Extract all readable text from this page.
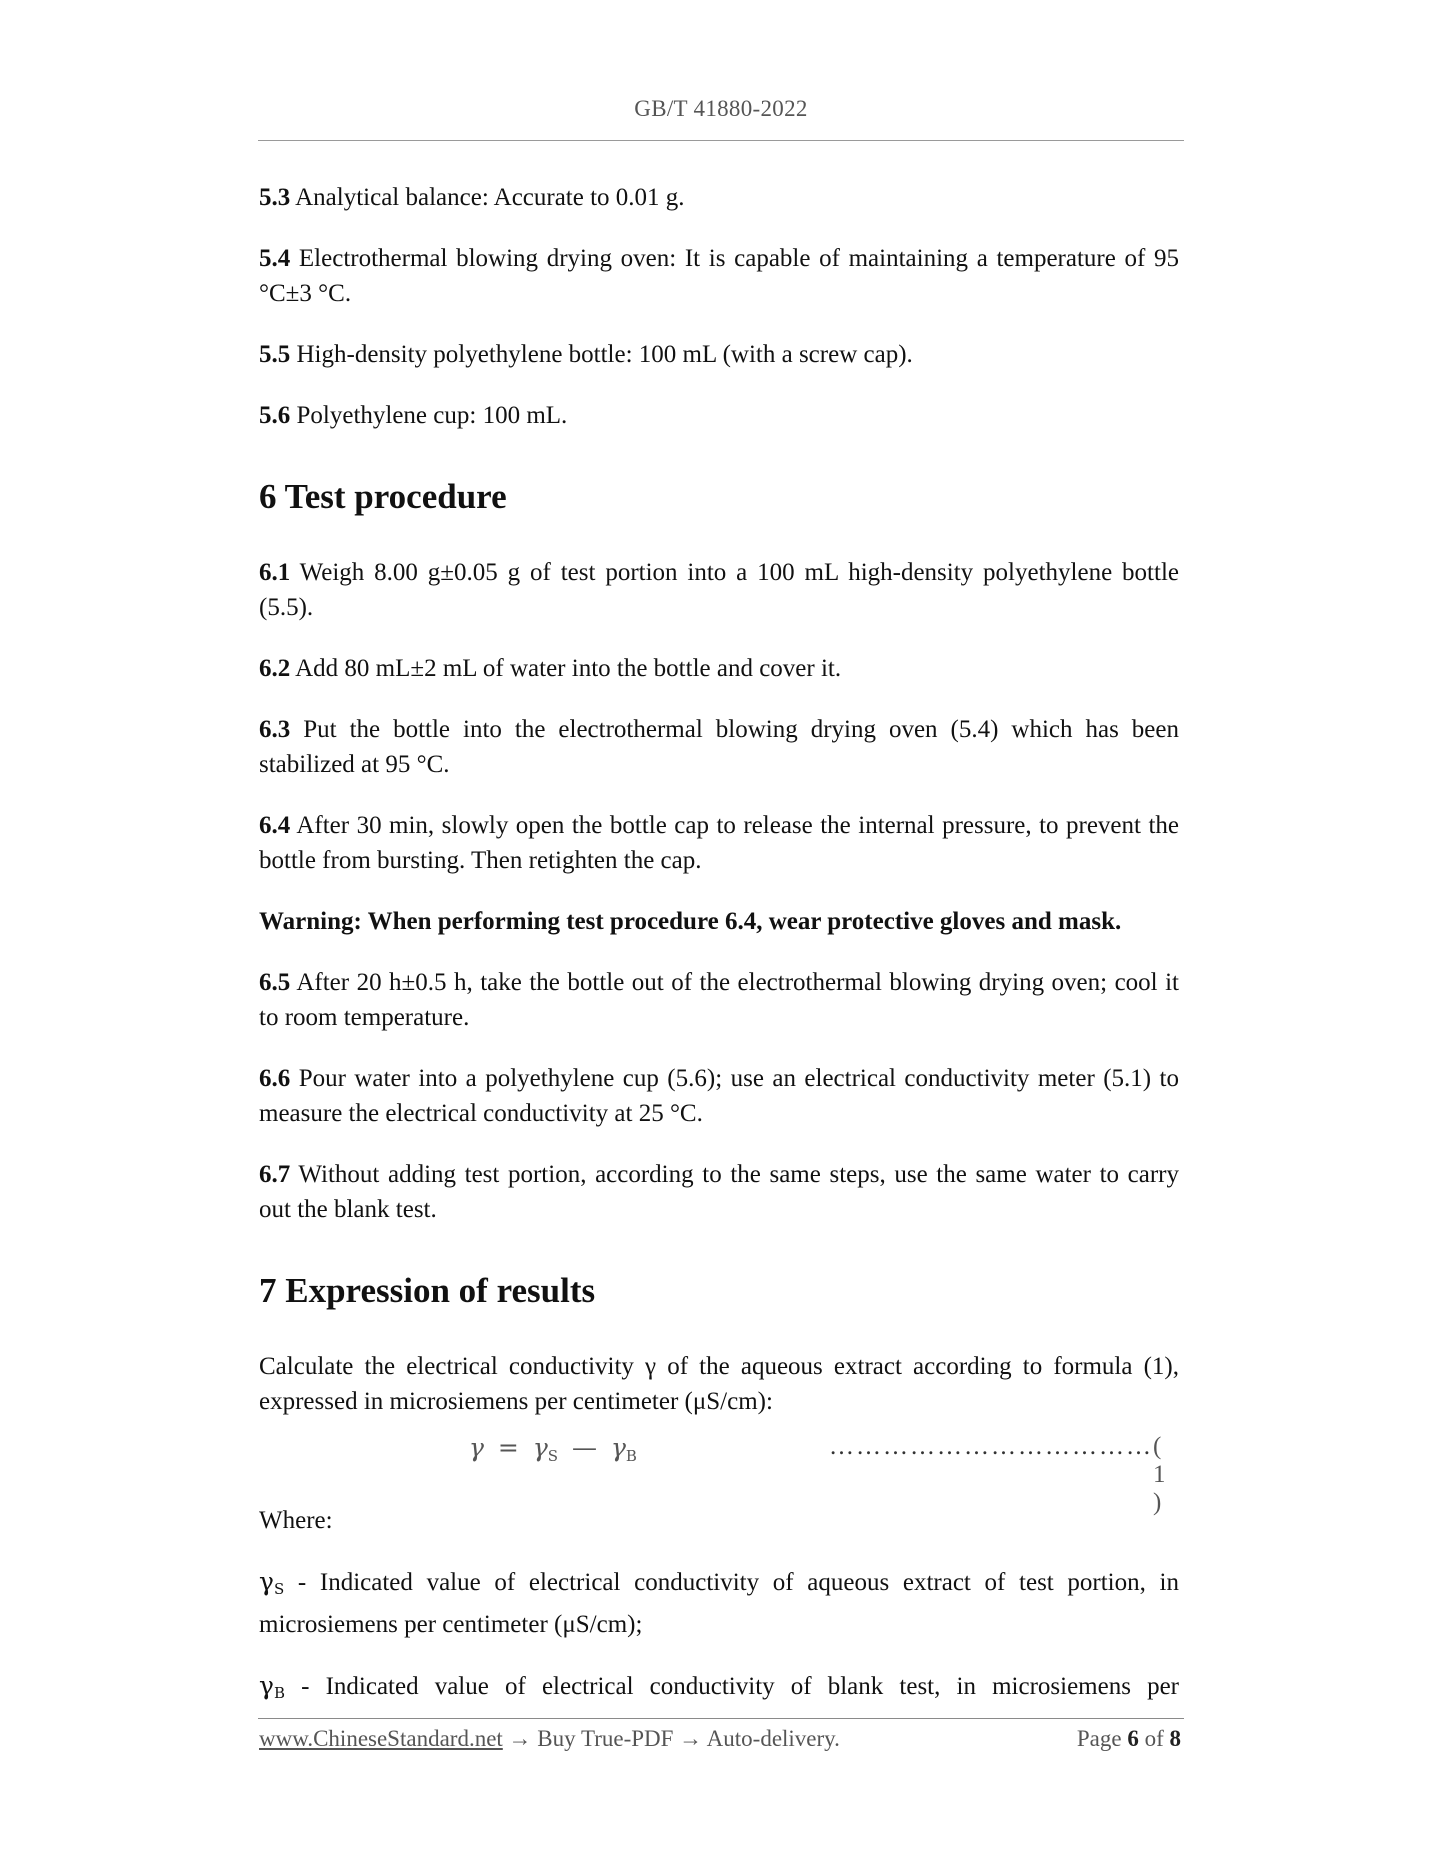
GB/T 41880-2022

5.3 Analytical balance: Accurate to 0.01 g.

5.4 Electrothermal blowing drying oven: It is capable of maintaining a temperature of 95 °C±3 °C.

5.5 High-density polyethylene bottle: 100 mL (with a screw cap).

5.6 Polyethylene cup: 100 mL.

6 Test procedure

6.1 Weigh 8.00 g±0.05 g of test portion into a 100 mL high-density polyethylene bottle (5.5).

6.2 Add 80 mL±2 mL of water into the bottle and cover it.

6.3 Put the bottle into the electrothermal blowing drying oven (5.4) which has been stabilized at 95 °C.

6.4 After 30 min, slowly open the bottle cap to release the internal pressure, to prevent the bottle from bursting. Then retighten the cap.

Warning: When performing test procedure 6.4, wear protective gloves and mask.

6.5 After 20 h±0.5 h, take the bottle out of the electrothermal blowing drying oven; cool it to room temperature.

6.6 Pour water into a polyethylene cup (5.6); use an electrical conductivity meter (5.1) to measure the electrical conductivity at 25 °C.

6.7 Without adding test portion, according to the same steps, use the same water to carry out the blank test.

7 Expression of results

Calculate the electrical conductivity γ of the aqueous extract according to formula (1), expressed in microsiemens per centimeter (μS/cm):

$\gamma = \gamma_S$ — $\gamma_B$	……………………………… ( 1 )

Where:

$\gamma_S$ - Indicated value of electrical conductivity of aqueous extract of test portion, in microsiemens per centimeter (μS/cm);

$\gamma_B$ - Indicated value of electrical conductivity of blank test, in microsiemens per

www.ChineseStandard.net → Buy True-PDF → Auto-delivery.	Page 6 of 8
